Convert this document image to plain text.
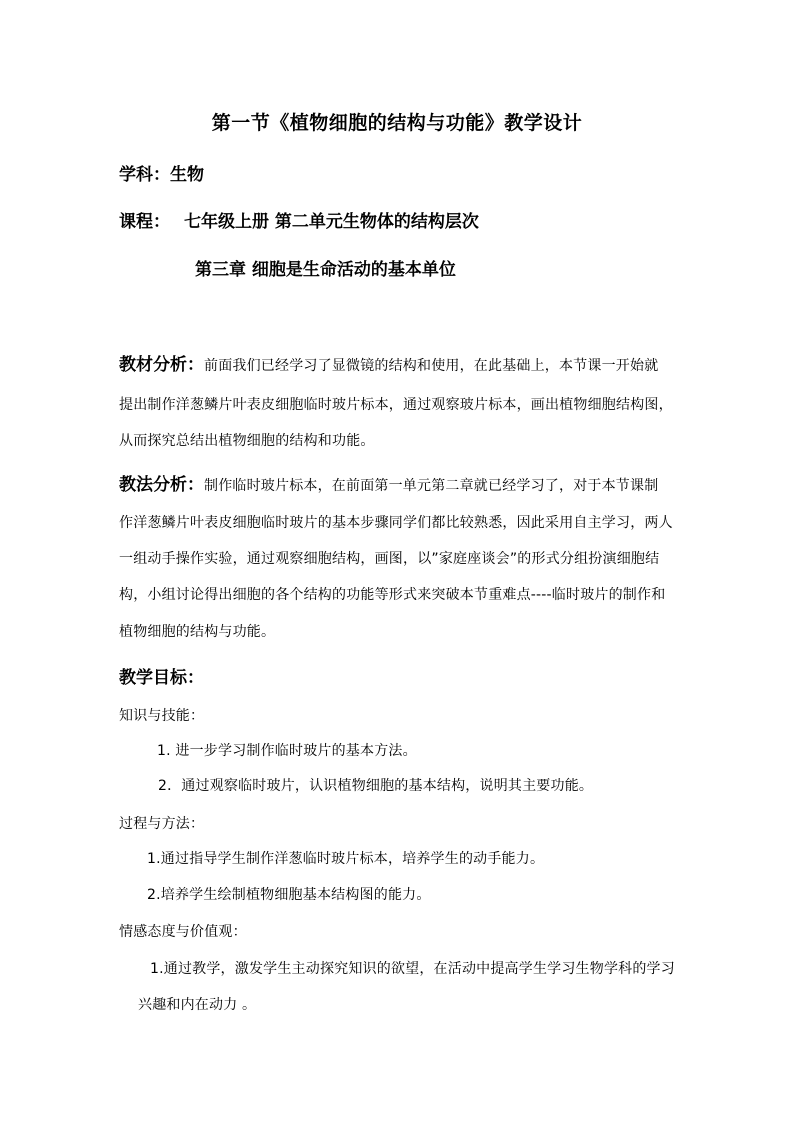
第一节《植物细胞的结构与功能》教学设计
学科：生物
课程： 七年级上册 第二单元生物体的结构层次
第三章 细胞是生命活动的基本单位
教材分析：前面我们已经学习了显微镜的结构和使用，在此基础上，本节课一开始就
提出制作洋葱鳞片叶表皮细胞临时玻片标本，通过观察玻片标本，画出植物细胞结构图，
从而探究总结出植物细胞的结构和功能。
教法分析：制作临时玻片标本，在前面第一单元第二章就已经学习了，对于本节课制
作洋葱鳞片叶表皮细胞临时玻片的基本步骤同学们都比较熟悉，因此采用自主学习，两人
一组动手操作实验，通过观察细胞结构，画图，以”家庭座谈会”的形式分组扮演细胞结
构，小组讨论得出细胞的各个结构的功能等形式来突破本节重难点----临时玻片的制作和
植物细胞的结构与功能。
教学目标：
知识与技能：
1. 进一步学习制作临时玻片的基本方法。
2．通过观察临时玻片，认识植物细胞的基本结构，说明其主要功能。
过程与方法：
1.通过指导学生制作洋葱临时玻片标本，培养学生的动手能力。
2.培养学生绘制植物细胞基本结构图的能力。
情感态度与价值观：
1.通过教学，激发学生主动探究知识的欲望，在活动中提高学生学习生物学科的学习
兴趣和内在动力 。
